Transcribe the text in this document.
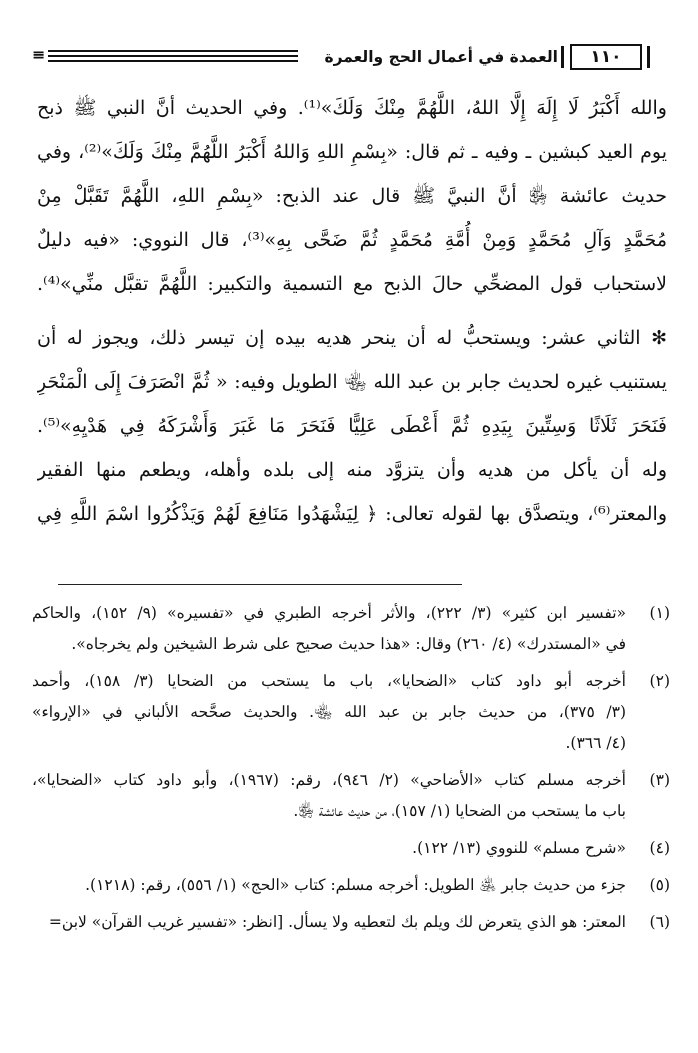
١١٠
العمدة في أعمال الحج والعمرة
≡
والله أَكْبَرُ لَا إِلَهَ إِلَّا اللهُ، اللَّهُمَّ مِنْكَ وَلَكَ»⁽¹⁾. وفي الحديث أنَّ النبي ﷺ ذبح
يوم العيد كبشين ـ وفيه ـ ثم قال: «بِسْمِ اللهِ وَاللهُ أَكْبَرُ اللَّهُمَّ مِنْكَ وَلَكَ»⁽²⁾، وفي
حديث عائشة ﵂ أنَّ النبيَّ ﷺ قال عند الذبح: «بِسْمِ اللهِ، اللَّهُمَّ تَقَبَّلْ مِنْ
مُحَمَّدٍ وَآلِ مُحَمَّدٍ وَمِنْ أُمَّةِ مُحَمَّدٍ ثُمَّ ضَحَّى بِهِ»⁽³⁾، قال النووي: «فيه دليلٌ
لاستحباب قول المضحِّي حالَ الذبح مع التسمية والتكبير: اللَّهُمَّ تقبَّل منِّي»⁽⁴⁾.
✻ الثاني عشر: ويستحبُّ له أن ينحر هديه بيده إن تيسر ذلك، ويجوز له أن
يستنيب غيره لحديث جابر بن عبد الله ﵄ الطويل وفيه: « ثُمَّ انْصَرَفَ إِلَى الْمَنْحَرِ
فَنَحَرَ ثَلَاثًا وَسِتِّينَ بِيَدِهِ ثُمَّ أَعْطَى عَلِيًّا فَنَحَرَ مَا غَبَرَ وَأَشْرَكَهُ فِي هَدْيِهِ»⁽⁵⁾.
وله أن يأكل من هديه وأن يتزوَّد منه إلى بلده وأهله، ويطعم منها الفقير
والمعتر⁽⁶⁾، ويتصدَّق بها لقوله تعالى: ﴿ لِيَشْهَدُوا مَنَافِعَ لَهُمْ وَيَذْكُرُوا اسْمَ اللَّهِ فِي
(١)
«تفسير ابن كثير» (٣/ ٢٢٢)، والأثر أخرجه الطبري في «تفسيره» (٩/ ١٥٢)، والحاكم
في «المستدرك» (٤/ ٢٦٠) وقال: «هذا حديث صحيح على شرط الشيخين ولم يخرجاه».
(٢)
أخرجه أبو داود كتاب «الضحايا»، باب ما يستحب من الضحايا (٣/ ١٥٨)، وأحمد
(٣/ ٣٧٥)، من حديث جابر بن عبد الله ﵄. والحديث صحَّحه الألباني في «الإرواء»
(٤/ ٣٦٦).
(٣)
أخرجه مسلم كتاب «الأضاحي» (٢/ ٩٤٦)، رقم: (١٩٦٧)، وأبو داود كتاب «الضحايا»،
باب ما يستحب من الضحايا (١/ ١٥٧)، من حديث عائشة ﵂.
(٤)
«شرح مسلم» للنووي (١٣/ ١٢٢).
(٥)
جزء من حديث جابر ﵁ الطويل: أخرجه مسلم: كتاب «الحج» (١/ ٥٥٦)، رقم: (١٢١٨).
(٦)
المعتر: هو الذي يتعرض لك ويلم بك لتعطيه ولا يسأل. [انظر: «تفسير غريب القرآن» لابن=
